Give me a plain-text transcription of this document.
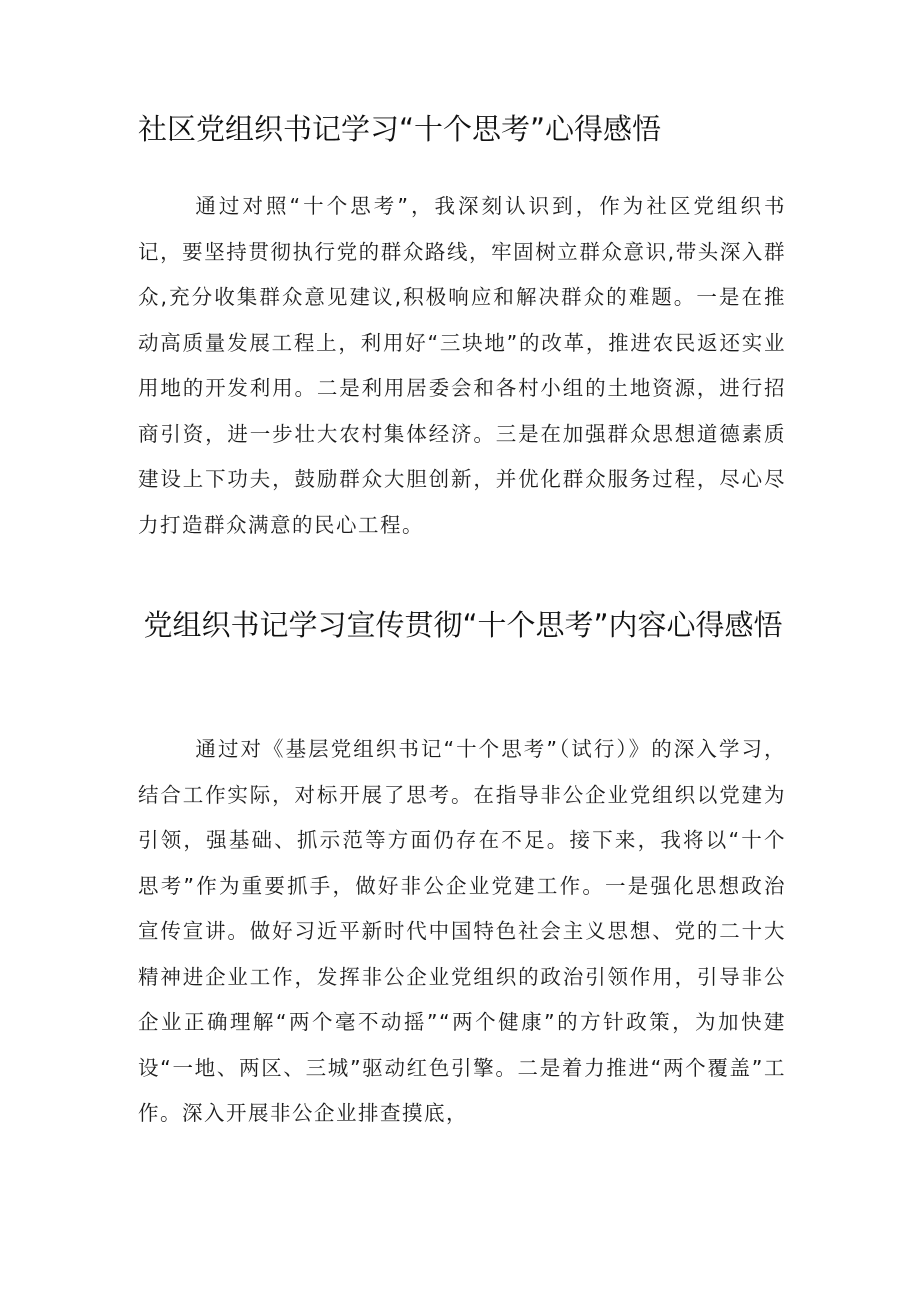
社区党组织书记学习“十个思考”心得感悟

通过对照“十个思考”，我深刻认识到，作为社区党组织书记，要坚持贯彻执行党的群众路线，牢固树立群众意识,带头深入群众,充分收集群众意见建议,积极响应和解决群众的难题。一是在推动高质量发展工程上，利用好“三块地”的改革，推进农民返还实业用地的开发利用。二是利用居委会和各村小组的土地资源，进行招商引资，进一步壮大农村集体经济。三是在加强群众思想道德素质建设上下功夫，鼓励群众大胆创新，并优化群众服务过程，尽心尽力打造群众满意的民心工程。

党组织书记学习宣传贯彻“十个思考”内容心得感悟

通过对《基层党组织书记“十个思考”（试行）》的深入学习，结合工作实际，对标开展了思考。在指导非公企业党组织以党建为引领，强基础、抓示范等方面仍存在不足。接下来，我将以“十个思考”作为重要抓手，做好非公企业党建工作。一是强化思想政治宣传宣讲。做好习近平新时代中国特色社会主义思想、党的二十大精神进企业工作，发挥非公企业党组织的政治引领作用，引导非公企业正确理解“两个毫不动摇”“两个健康”的方针政策，为加快建设“一地、两区、三城”驱动红色引擎。二是着力推进“两个覆盖”工作。深入开展非公企业排查摸底，
